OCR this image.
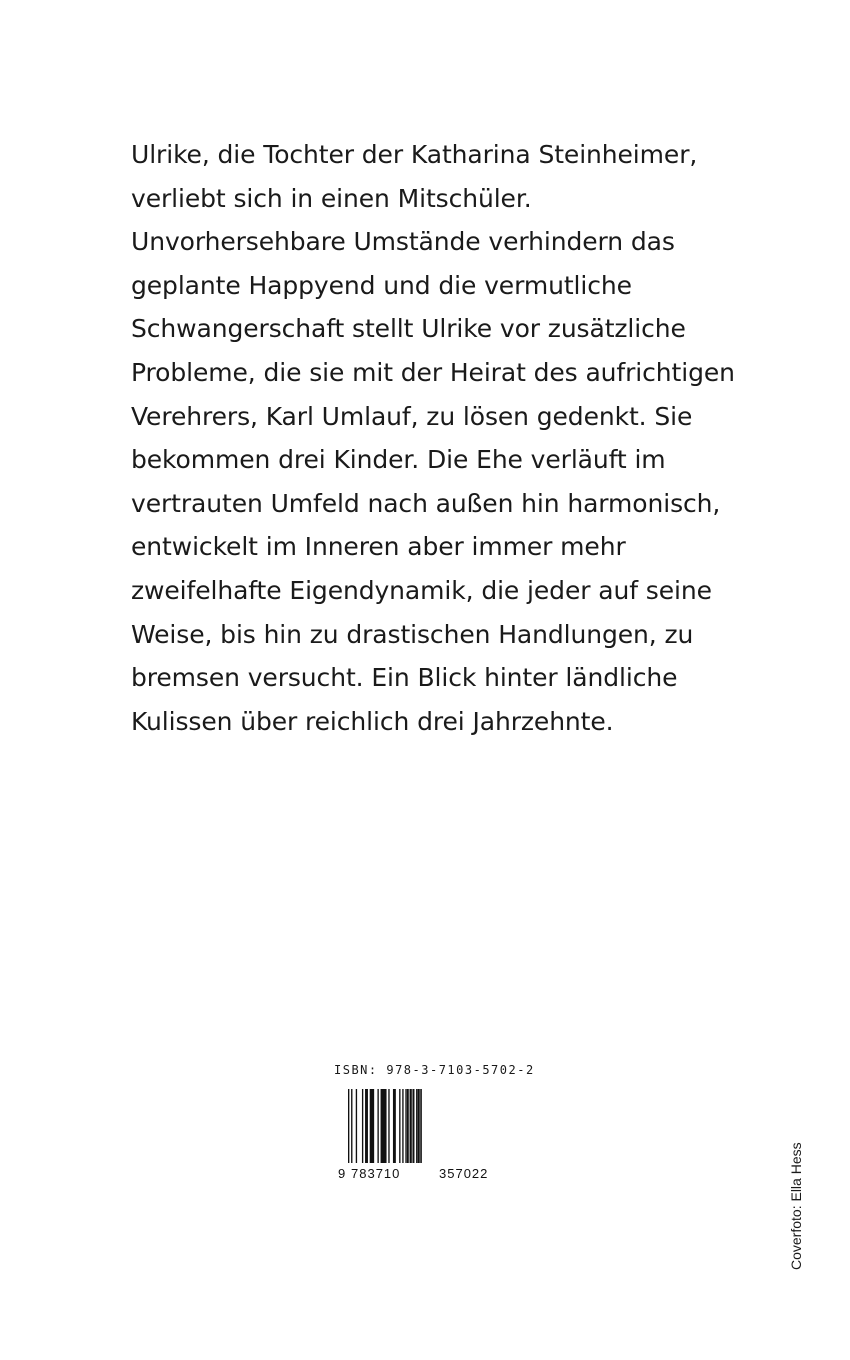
Ulrike, die Tochter der Katharina Steinheimer,
verliebt sich in einen Mitschüler.
Unvorhersehbare Umstände verhindern das
geplante Happyend und die vermutliche
Schwangerschaft stellt Ulrike vor zusätzliche
Probleme, die sie mit der Heirat des aufrichtigen
Verehrers, Karl Umlauf, zu lösen gedenkt. Sie
bekommen drei Kinder. Die Ehe verläuft im
vertrauten Umfeld nach außen hin harmonisch,
entwickelt im Inneren aber immer mehr
zweifelhafte Eigendynamik, die jeder auf seine
Weise, bis hin zu drastischen Handlungen, zu
bremsen versucht. Ein Blick hinter ländliche
Kulissen über reichlich drei Jahrzehnte.
ISBN: 978-3-7103-5702-2
9 783710	357022	Coverfoto: Ella Hess
